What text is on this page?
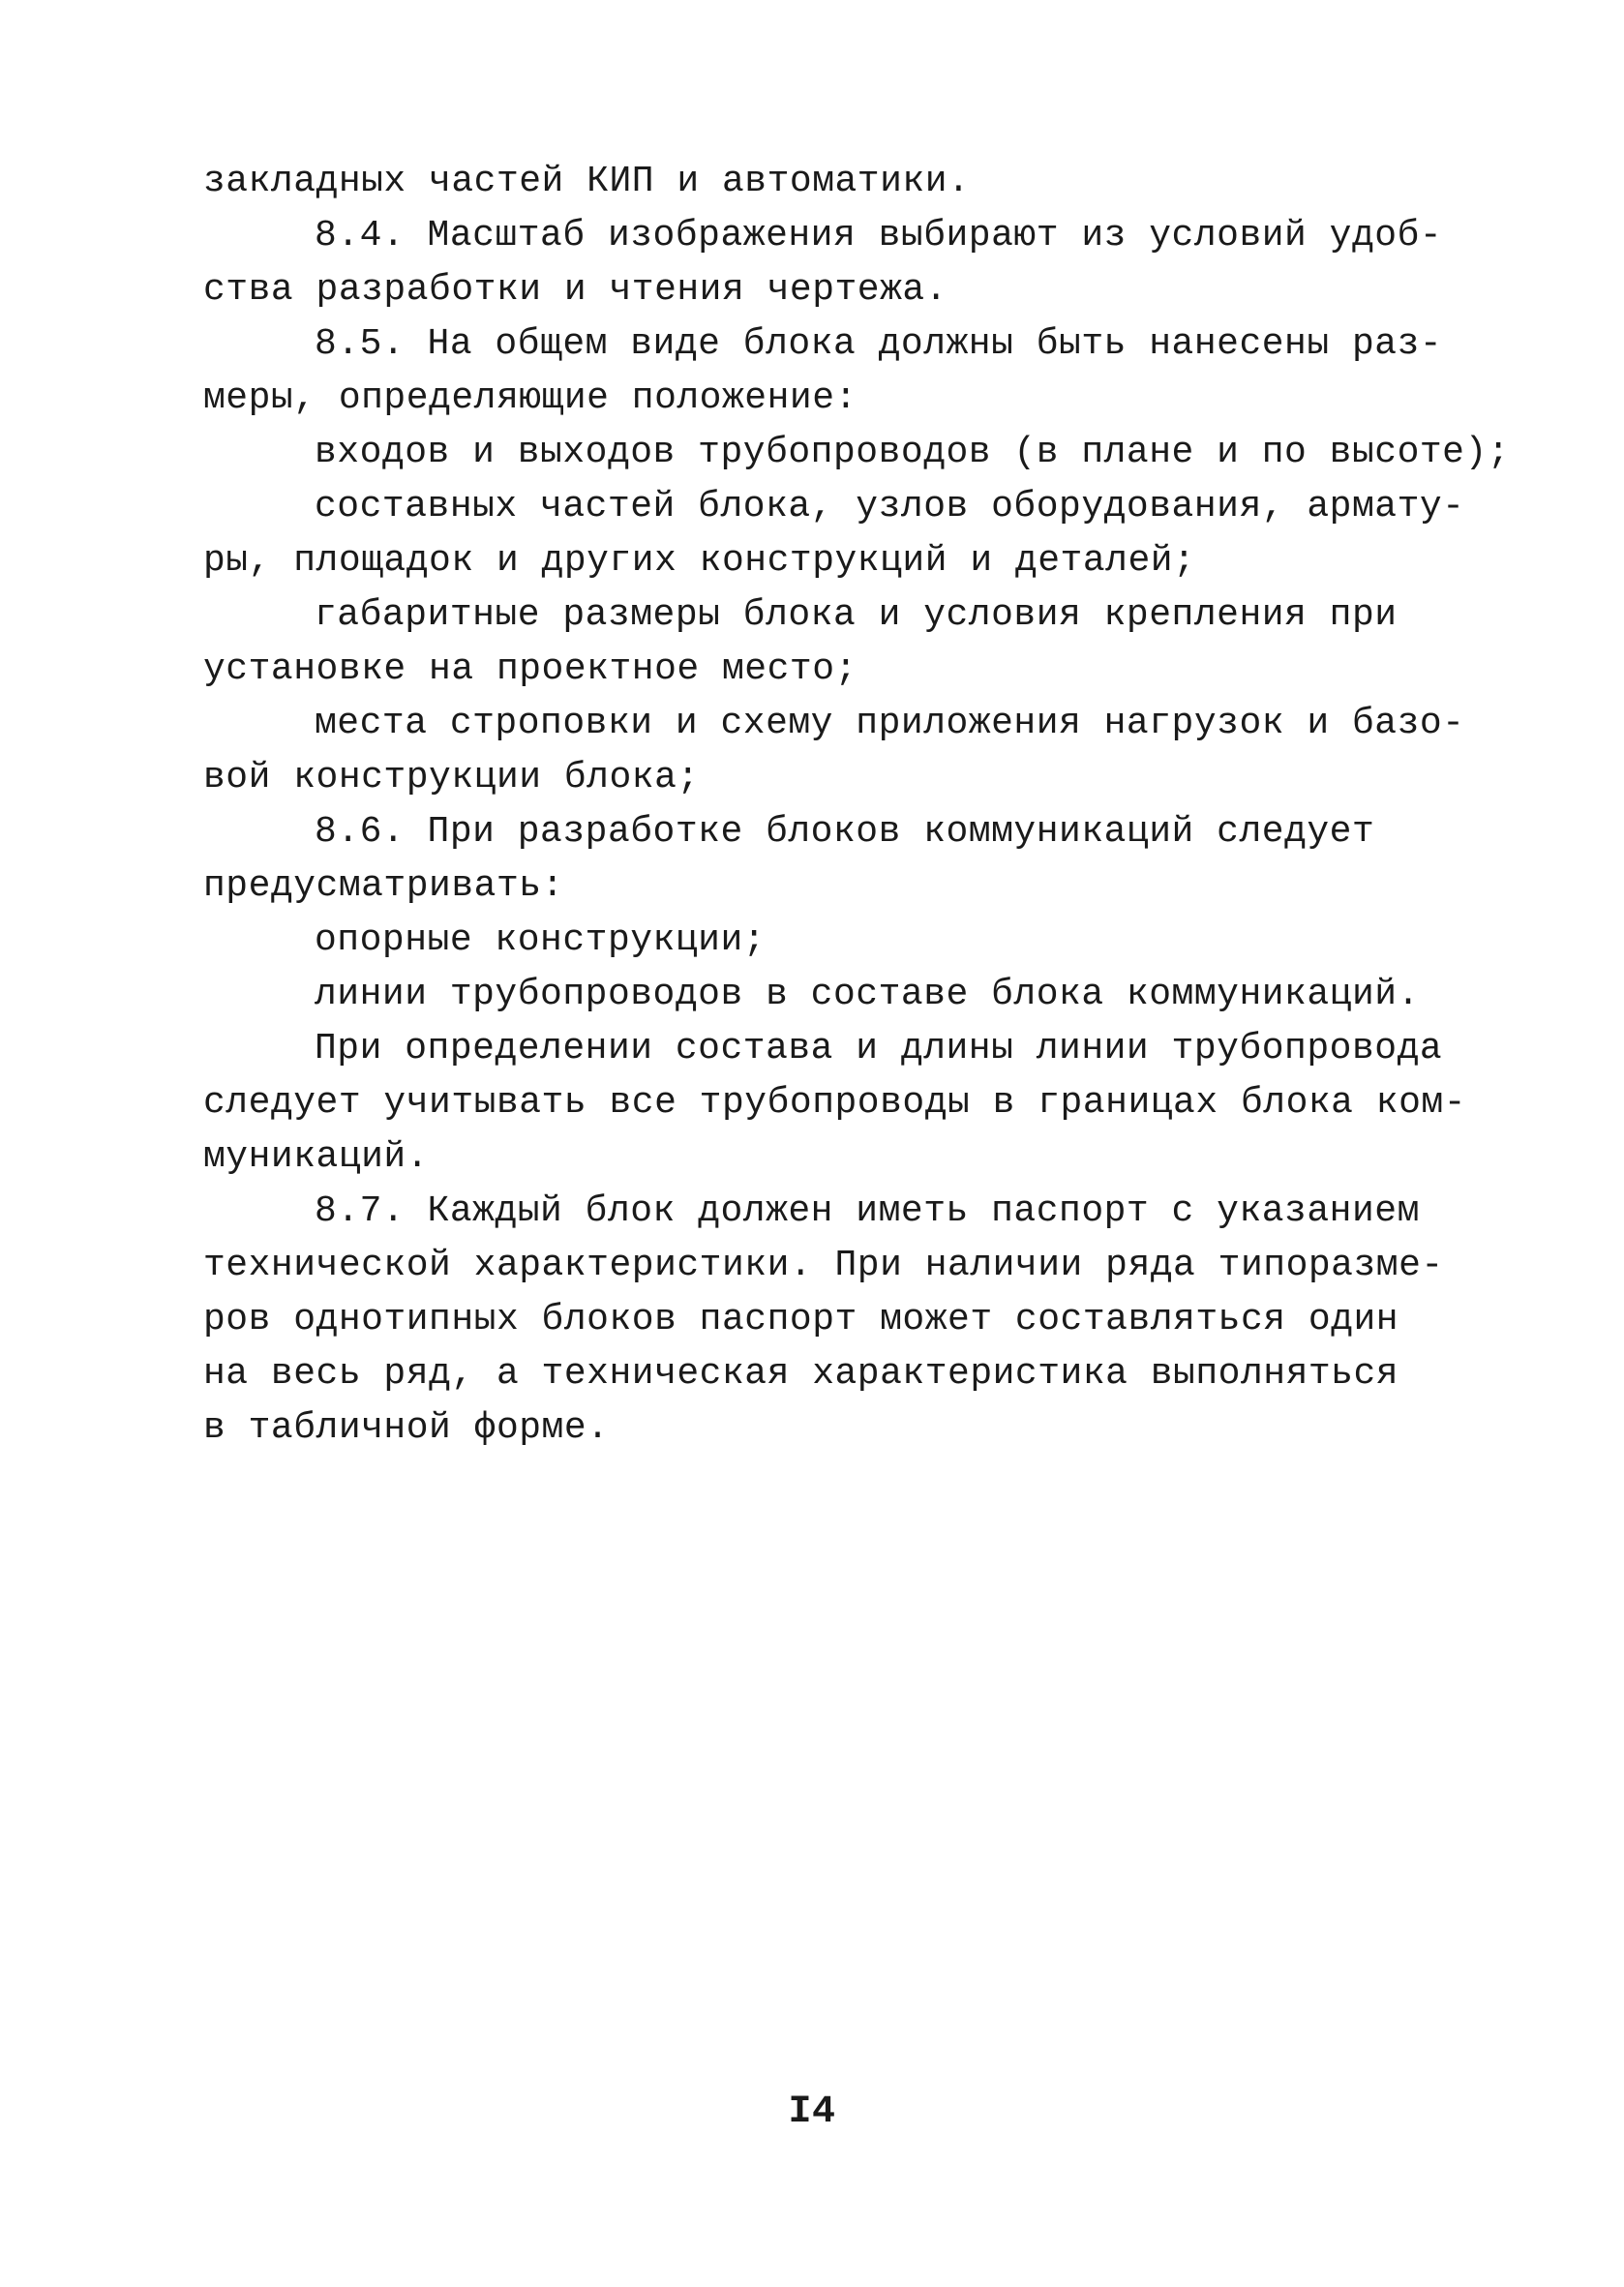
закладных частей КИП и автоматики.
8.4. Масштаб изображения выбирают из условий удоб-
ства разработки и чтения чертежа.
8.5. На общем виде блока должны быть нанесены раз-
меры, определяющие положение:
входов и выходов трубопроводов (в плане и по высоте);
составных частей блока, узлов оборудования, армату-
ры, площадок и других конструкций и деталей;
габаритные размеры блока и условия крепления при
установке на проектное место;
места строповки и схему приложения нагрузок и базо-
вой конструкции блока;
8.6. При разработке блоков коммуникаций следует
предусматривать:
опорные конструкции;
линии трубопроводов в составе блока коммуникаций.
При определении состава и длины линии трубопровода
следует учитывать все трубопроводы в границах блока ком-
муникаций.
8.7. Каждый блок должен иметь паспорт с указанием
технической характеристики. При наличии ряда типоразме-
ров однотипных блоков паспорт может составляться один
на весь ряд, а техническая характеристика выполняться
в табличной форме.
I4
